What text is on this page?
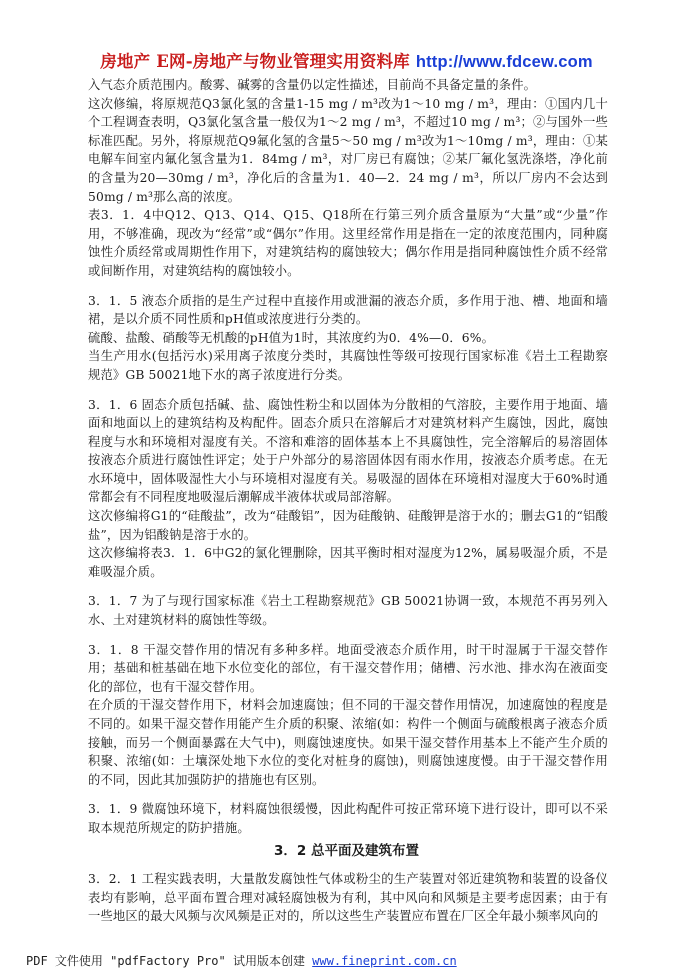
房地产 E网-房地产与物业管理实用资料库 http://www.fdcew.com

入气态介质范围内。酸雾、碱雾的含量仍以定性描述，目前尚不具备定量的条件。

这次修编，将原规范Q3氯化氢的含量1-15 mg / m³改为1～10 mg / m³，理由：①国内几十个工程调查表明，Q3氯化氢含量一般仅为1～2 mg / m³，不超过10 mg / m³；②与国外一些标准匹配。另外，将原规范Q9氟化氢的含量5～50 mg / m³改为1～10mg / m³，理由：①某电解车间室内氟化氢含量为1．84mg / m³，对厂房已有腐蚀；②某厂氟化氢洗涤塔，净化前的含量为20—30mg / m³，净化后的含量为1．40—2．24 mg / m³，所以厂房内不会达到50mg / m³那么高的浓度。

表3．1．4中Q12、Q13、Q14、Q15、Q18所在行第三列介质含量原为“大量”或“少量”作用，不够准确，现改为“经常”或“偶尔”作用。这里经常作用是指在一定的浓度范围内，同种腐蚀性介质经常或周期性作用下，对建筑结构的腐蚀较大；偶尔作用是指同种腐蚀性介质不经常或间断作用，对建筑结构的腐蚀较小。

3．1．5 液态介质指的是生产过程中直接作用或泄漏的液态介质，多作用于池、槽、地面和墙裙，是以介质不同性质和pH值或浓度进行分类的。

硫酸、盐酸、硝酸等无机酸的pH值为1时，其浓度约为0．4%—0．6%。

当生产用水(包括污水)采用离子浓度分类时，其腐蚀性等级可按现行国家标准《岩土工程勘察规范》GB 50021地下水的离子浓度进行分类。

3．1．6 固态介质包括碱、盐、腐蚀性粉尘和以固体为分散相的气溶胶，主要作用于地面、墙面和地面以上的建筑结构及构配件。固态介质只在溶解后才对建筑材料产生腐蚀，因此，腐蚀程度与水和环境相对湿度有关。不溶和难溶的固体基本上不具腐蚀性，完全溶解后的易溶固体按液态介质进行腐蚀性评定；处于户外部分的易溶固体因有雨水作用，按液态介质考虑。在无水环境中，固体吸湿性大小与环境相对湿度有关。易吸湿的固体在环境相对湿度大于60%时通常都会有不同程度地吸湿后潮解成半液体状或局部溶解。

这次修编将G1的“硅酸盐”，改为“硅酸铝”，因为硅酸钠、硅酸钾是溶于水的；删去G1的“铝酸盐”，因为铝酸钠是溶于水的。

这次修编将表3．1．6中G2的氯化锂删除，因其平衡时相对湿度为12%，属易吸湿介质，不是难吸湿介质。

3．1．7 为了与现行国家标准《岩土工程勘察规范》GB 50021协调一致，本规范不再另列入水、土对建筑材料的腐蚀性等级。

3．1．8 干湿交替作用的情况有多种多样。地面受液态介质作用，时干时湿属于干湿交替作用；基础和桩基础在地下水位变化的部位，有干湿交替作用；储槽、污水池、排水沟在液面变化的部位，也有干湿交替作用。

在介质的干湿交替作用下，材料会加速腐蚀；但不同的干湿交替作用情况，加速腐蚀的程度是不同的。如果干湿交替作用能产生介质的积聚、浓缩(如：构件一个侧面与硫酸根离子液态介质接触，而另一个侧面暴露在大气中)，则腐蚀速度快。如果干湿交替作用基本上不能产生介质的积聚、浓缩(如：土壤深处地下水位的变化对桩身的腐蚀)，则腐蚀速度慢。由于干湿交替作用的不同，因此其加强防护的措施也有区别。

3．1．9 微腐蚀环境下，材料腐蚀很缓慢，因此构配件可按正常环境下进行设计，即可以不采取本规范所规定的防护措施。

3．2 总平面及建筑布置

3．2．1 工程实践表明，大量散发腐蚀性气体或粉尘的生产装置对邻近建筑物和装置的设备仪表均有影响，总平面布置合理对减轻腐蚀极为有利，其中风向和风频是主要考虑因素；由于有一些地区的最大风频与次风频是正对的，所以这些生产装置应布置在厂区全年最小频率风向的

PDF 文件使用 "pdfFactory Pro" 试用版本创建 www.fineprint.com.cn
